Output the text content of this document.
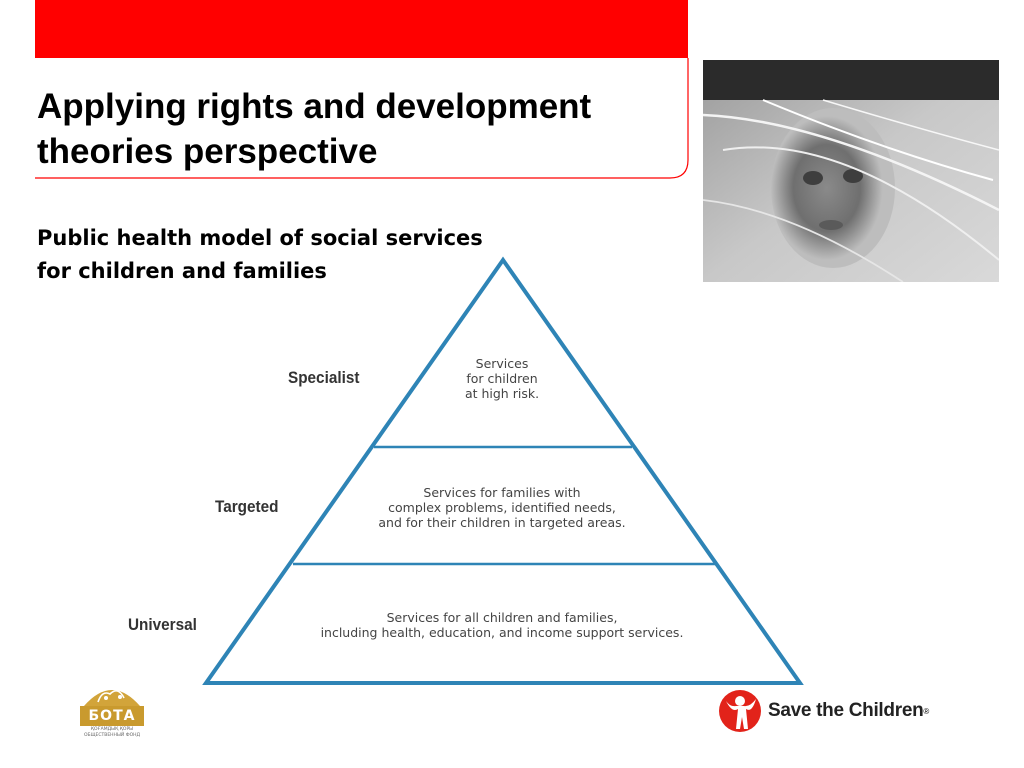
Applying rights and development
theories perspective
Public health model of social services
for children and families
Specialist
Targeted
Universal
Services
for children
at high risk.
Services for families with
complex problems, identified needs,
and for their children in targeted areas.
Services for all children and families,
including health, education, and income support services.
БОТА
ҚОҒАМДЫҚ ҚОРЫ
ОБЩЕСТВЕННЫЙ ФОНД
Save the Children ®
